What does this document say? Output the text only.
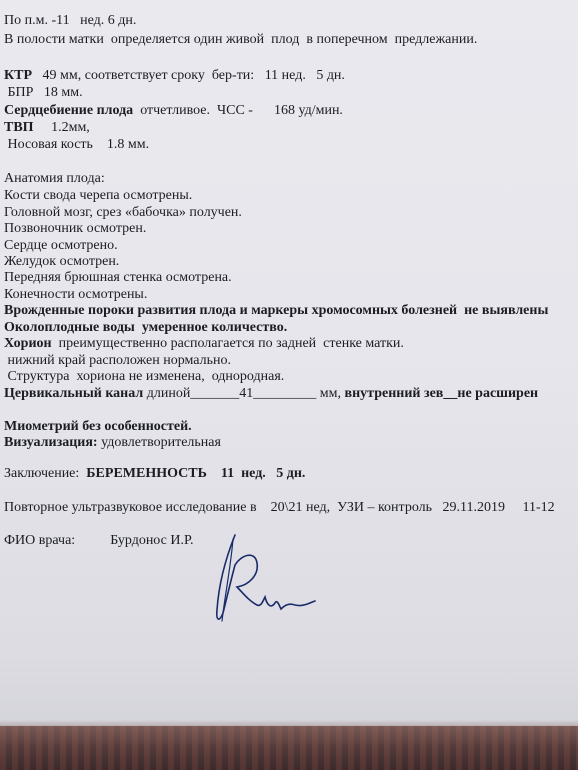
По п.м. -11   нед. 6 дн.
В полости матки  определяется один живой  плод  в поперечном  предлежании.
КТР   49 мм, соответствует сроку  бер-ти:   11 нед.   5 дн.
БПР   18 мм.
Сердцебиение плода  отчетливое.  ЧСС -      168 уд/мин.
ТВП     1.2мм,
Носовая кость    1.8 мм.
Анатомия плода:
Кости свода черепа осмотрены.
Головной мозг, срез «бабочка» получен.
Позвоночник осмотрен.
Сердце осмотрено.
Желудок осмотрен.
Передняя брюшная стенка осмотрена.
Конечности осмотрены.
Врожденные пороки развития плода и маркеры хромосомных болезней  не выявлены
Околоплодные воды  умеренное количество.
Хорион  преимущественно располагается по задней  стенке матки.
нижний край расположен нормально.
Структура  хориона не изменена,  однородная.
Цервикальный канал длиной_______41_________ мм, внутренний зев__не расширен
Миометрий без особенностей.
Визуализация: удовлетворительная
Заключение:  БЕРЕМЕННОСТЬ    11  нед.   5 дн.
Повторное ультразвуковое исследование в    20\21 нед,  УЗИ – контроль   29.11.2019     11-12
ФИО врача:          Бурдонос И.Р.
